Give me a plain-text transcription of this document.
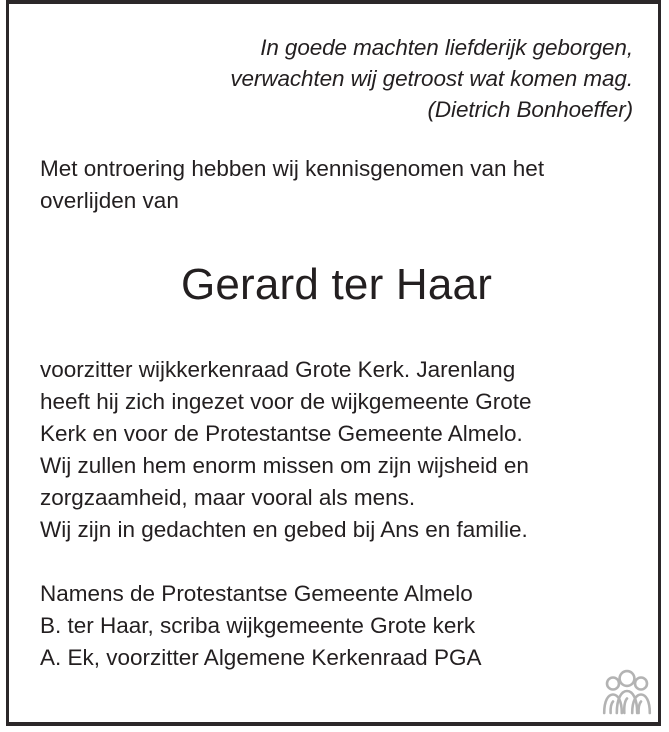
In goede machten liefderijk geborgen,
verwachten wij getroost wat komen mag.
(Dietrich Bonhoeffer)
Met ontroering hebben wij kennisgenomen van het
overlijden van
Gerard ter Haar
voorzitter wijkkerkenraad Grote Kerk. Jarenlang
heeft hij zich ingezet voor de wijkgemeente Grote
Kerk en voor de Protestantse Gemeente Almelo.
Wij zullen hem enorm missen om zijn wijsheid en
zorgzaamheid, maar vooral als mens.
Wij zijn in gedachten en gebed bij Ans en familie.
Namens de Protestantse Gemeente Almelo
B. ter Haar, scriba wijkgemeente Grote kerk
A. Ek, voorzitter Algemene Kerkenraad PGA
